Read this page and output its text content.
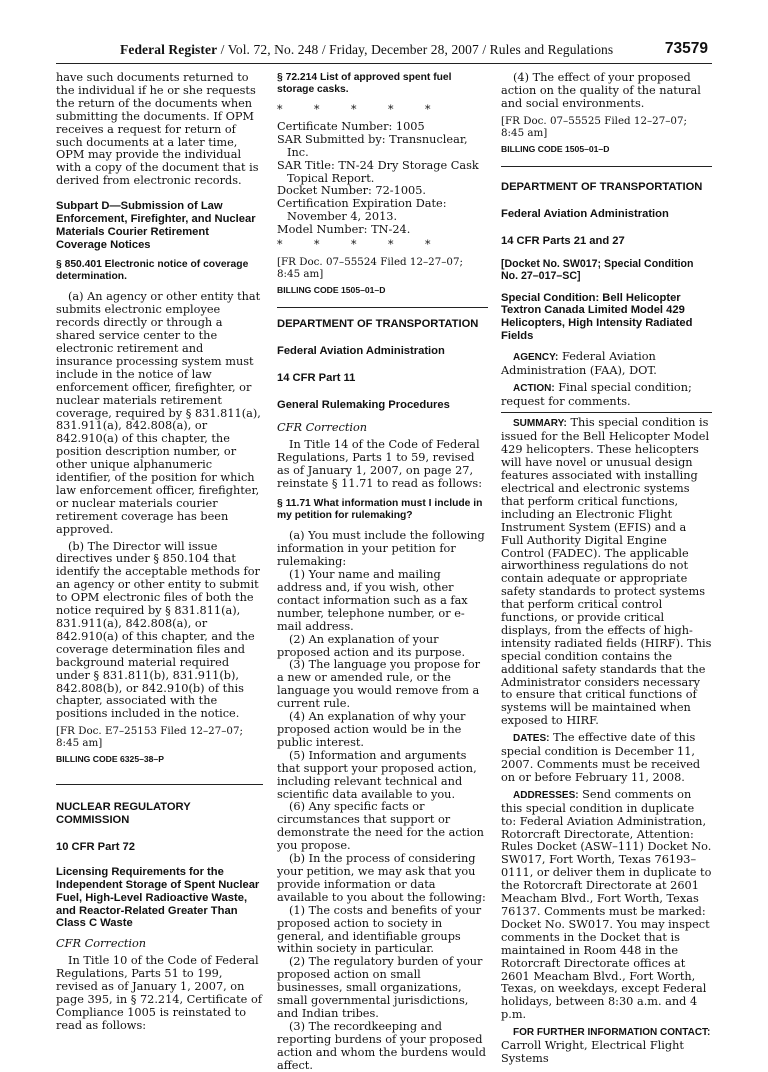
Federal Register / Vol. 72, No. 248 / Friday, December 28, 2007 / Rules and Regulations	73579

have such documents returned to the individual if he or she requests the return of the documents when submitting the documents. If OPM receives a request for return of such documents at a later time, OPM may provide the individual with a copy of the document that is derived from electronic records.

Subpart D—Submission of Law Enforcement, Firefighter, and Nuclear Materials Courier Retirement Coverage Notices
§ 850.401 Electronic notice of coverage determination.

(a) An agency or other entity that submits electronic employee records directly or through a shared service center to the electronic retirement and insurance processing system must include in the notice of law enforcement officer, firefighter, or nuclear materials retirement coverage, required by § 831.811(a), 831.911(a), 842.808(a), or 842.910(a) of this chapter, the position description number, or other unique alphanumeric identifier, of the position for which law enforcement officer, firefighter, or nuclear materials courier retirement coverage has been approved.

(b) The Director will issue directives under § 850.104 that identify the acceptable methods for an agency or other entity to submit to OPM electronic files of both the notice required by § 831.811(a), 831.911(a), 842.808(a), or 842.910(a) of this chapter, and the coverage determination files and background material required under § 831.811(b), 831.911(b), 842.808(b), or 842.910(b) of this chapter, associated with the positions included in the notice.

[FR Doc. E7–25153 Filed 12–27–07; 8:45 am]
BILLING CODE 6325–38–P
NUCLEAR REGULATORY COMMISSION
10 CFR Part 72
Licensing Requirements for the Independent Storage of Spent Nuclear Fuel, High-Level Radioactive Waste, and Reactor-Related Greater Than Class C Waste

CFR Correction

In Title 10 of the Code of Federal Regulations, Parts 51 to 199, revised as of January 1, 2007, on page 395, in § 72.214, Certificate of Compliance 1005 is reinstated to read as follows:

§ 72.214 List of approved spent fuel storage casks.
* * * * *

Certificate Number: 1005

SAR Submitted by: Transnuclear, Inc.

SAR Title: TN-24 Dry Storage Cask Topical Report.

Docket Number: 72-1005.

Certification Expiration Date: November 4, 2013.

Model Number: TN-24.

* * * * *
[FR Doc. 07–55524 Filed 12–27–07; 8:45 am]
BILLING CODE 1505–01–D
DEPARTMENT OF TRANSPORTATION
Federal Aviation Administration
14 CFR Part 11
General Rulemaking Procedures

CFR Correction

In Title 14 of the Code of Federal Regulations, Parts 1 to 59, revised as of January 1, 2007, on page 27, reinstate § 11.71 to read as follows:

§ 11.71 What information must I include in my petition for rulemaking?

(a) You must include the following information in your petition for rulemaking:

(1) Your name and mailing address and, if you wish, other contact information such as a fax number, telephone number, or e-mail address.

(2) An explanation of your proposed action and its purpose.

(3) The language you propose for a new or amended rule, or the language you would remove from a current rule.

(4) An explanation of why your proposed action would be in the public interest.

(5) Information and arguments that support your proposed action, including relevant technical and scientific data available to you.

(6) Any specific facts or circumstances that support or demonstrate the need for the action you propose.

(b) In the process of considering your petition, we may ask that you provide information or data available to you about the following:

(1) The costs and benefits of your proposed action to society in general, and identifiable groups within society in particular.

(2) The regulatory burden of your proposed action on small businesses, small organizations, small governmental jurisdictions, and Indian tribes.

(3) The recordkeeping and reporting burdens of your proposed action and whom the burdens would affect.

(4) The effect of your proposed action on the quality of the natural and social environments.

[FR Doc. 07–55525 Filed 12–27–07; 8:45 am]
BILLING CODE 1505–01–D
DEPARTMENT OF TRANSPORTATION
Federal Aviation Administration
14 CFR Parts 21 and 27
[Docket No. SW017; Special Condition No. 27–017–SC]
Special Condition: Bell Helicopter Textron Canada Limited Model 429 Helicopters, High Intensity Radiated Fields

AGENCY: Federal Aviation Administration (FAA), DOT.

ACTION: Final special condition; request for comments.

SUMMARY: This special condition is issued for the Bell Helicopter Model 429 helicopters. These helicopters will have novel or unusual design features associated with installing electrical and electronic systems that perform critical functions, including an Electronic Flight Instrument System (EFIS) and a Full Authority Digital Engine Control (FADEC). The applicable airworthiness regulations do not contain adequate or appropriate safety standards to protect systems that perform critical control functions, or provide critical displays, from the effects of high-intensity radiated fields (HIRF). This special condition contains the additional safety standards that the Administrator considers necessary to ensure that critical functions of systems will be maintained when exposed to HIRF.

DATES: The effective date of this special condition is December 11, 2007. Comments must be received on or before February 11, 2008.

ADDRESSES: Send comments on this special condition in duplicate to: Federal Aviation Administration, Rotorcraft Directorate, Attention: Rules Docket (ASW–111) Docket No. SW017, Fort Worth, Texas 76193–0111, or deliver them in duplicate to the Rotorcraft Directorate at 2601 Meacham Blvd., Fort Worth, Texas 76137. Comments must be marked: Docket No. SW017. You may inspect comments in the Docket that is maintained in Room 448 in the Rotorcraft Directorate offices at 2601 Meacham Blvd., Fort Worth, Texas, on weekdays, except Federal holidays, between 8:30 a.m. and 4 p.m.

FOR FURTHER INFORMATION CONTACT: Carroll Wright, Electrical Flight Systems
